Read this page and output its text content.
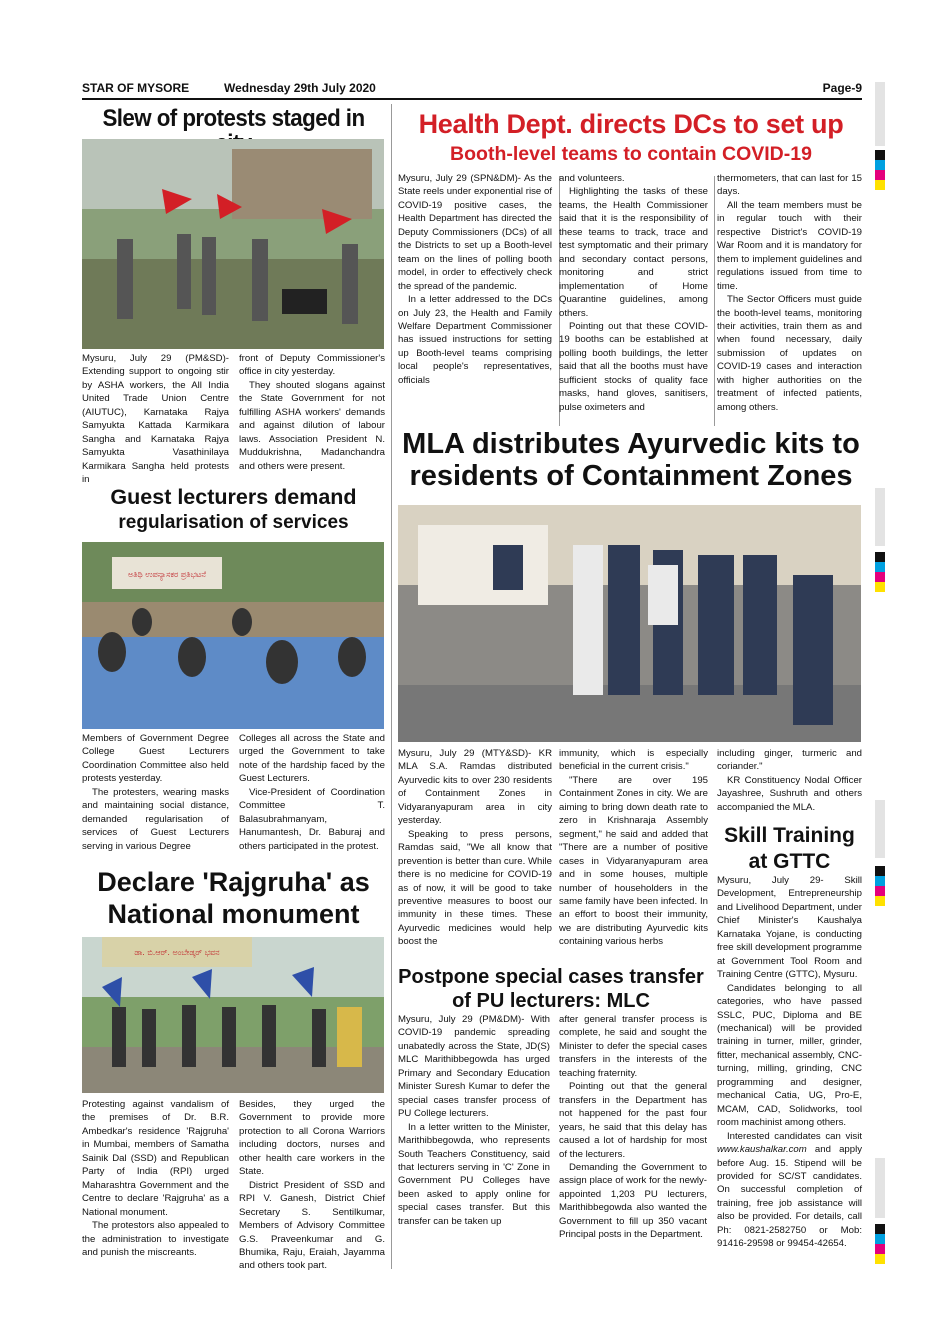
STAR OF MYSORE	Wednesday 29th July 2020	Page-9
Slew of protests staged in

Mysuru, July 29 (PM&SD)- Extending support to ongoing stir by ASHA workers, the All India United Trade Union Centre (AIUTUC), Karnataka Rajya Samyukta Kattada Karmikara Sangha and Karnataka Rajya Samyukta Vasathinilaya Karmikara Sangha held protests in

front of Deputy Commissioner's office in city yesterday.

They shouted slogans against the State Government for not fulfilling ASHA workers' demands and against dilution of labour laws. Association President N. Muddukrishna, Madanchandra and others were present.

Health Dept. directs DCs to set up
Booth-level teams to contain COVID-19

Mysuru, July 29 (SPN&DM)- As the State reels under exponential rise of COVID-19 positive cases, the Health Department has directed the Deputy Commissioners (DCs) of all the Districts to set up a Booth-level team on the lines of polling booth model, in order to effectively check the spread of the pandemic.

In a letter addressed to the DCs on July 23, the Health and Family Welfare Department Commissioner has issued instructions for setting up Booth-level teams comprising local people's representatives, officials

and volunteers.

Highlighting the tasks of these teams, the Health Commissioner said that it is the responsibility of these teams to track, trace and test symptomatic and their primary and secondary contact persons, monitoring and strict implementation of Home Quarantine guidelines, among others.

Pointing out that these COVID-19 booths can be established at polling booth buildings, the letter said that all the booths must have sufficient stocks of quality face masks, hand gloves, sanitisers, pulse oximeters and

thermometers, that can last for 15 days.

All the team members must be in regular touch with their respective District's COVID-19 War Room and it is mandatory for them to implement guidelines and regulations issued from time to time.

The Sector Officers must guide the booth-level teams, monitoring their activities, train them as and when found necessary, daily submission of updates on COVID-19 cases and interaction with higher authorities on the treatment of infected patients, among others.

Guest lecturers demand
regularisation of services
ಅತಿಥಿ ಉಪನ್ಯಾಸಕರ ಪ್ರತಿಭಟನೆ

Members of Government Degree College Guest Lecturers Coordination Committee also held protests yesterday.

The protesters, wearing masks and maintaining social distance, demanded regularisation of services of Guest Lecturers serving in various Degree

Colleges all across the State and urged the Government to take note of the hardship faced by the Guest Lecturers.

Vice-President of Coordination Committee T. Balasubrahmanyam, Hanumantesh, Dr. Baburaj and others participated in the protest.

MLA distributes Ayurvedic kits to residents of Containment Zones

Mysuru, July 29 (MTY&SD)- KR MLA S.A. Ramdas distributed Ayurvedic kits to over 230 residents of Containment Zones in Vidyaranyapuram area in city yesterday.

Speaking to press persons, Ramdas said, "We all know that prevention is better than cure. While there is no medicine for COVID-19 as of now, it will be good to take preventive measures to boost our immunity in these times. These Ayurvedic medicines would help boost the

immunity, which is especially beneficial in the current crisis."

"There are over 195 Containment Zones in city. We are aiming to bring down death rate to zero in Krishnaraja Assembly segment," he said and added that "There are a number of positive cases in Vidyaranyapuram area and in some houses, multiple number of householders in the same family have been infected. In an effort to boost their immunity, we are distributing Ayurvedic kits containing various herbs

including ginger, turmeric and coriander."

KR Constituency Nodal Officer Jayashree, Sushruth and others accompanied the MLA.

Skill Training at GTTC

Mysuru, July 29- Skill Development, Entrepreneurship and Livelihood Department, under Chief Minister's Kaushalya Karnataka Yojane, is conducting free skill development programme at Government Tool Room and Training Centre (GTTC), Mysuru.

Candidates belonging to all categories, who have passed SSLC, PUC, Diploma and BE (mechanical) will be provided training in turner, miller, grinder, fitter, mechanical assembly, CNC-turning, milling, grinding, CNC programming and designer, mechanical Catia, UG, Pro-E, MCAM, CAD, Solidworks, tool room machinist among others.

Interested candidates can visit www.kaushalkar.com and apply before Aug. 15. Stipend will be provided for SC/ST candidates. On successful completion of training, free job assistance will also be provided. For details, call Ph: 0821-2582750 or Mob: 91416-29598 or 99454-42654.

Declare 'Rajgruha' as National monument
ಡಾ. ಬಿ.ಆರ್. ಅಂಬೇಡ್ಕರ್ ಭವನ

Protesting against vandalism of the premises of Dr. B.R. Ambedkar's residence 'Rajgruha' in Mumbai, members of Samatha Sainik Dal (SSD) and Republican Party of India (RPI) urged Maharashtra Government and the Centre to declare 'Rajgruha' as a National monument.

The protestors also appealed to the administration to investigate and punish the miscreants.

Besides, they urged the Government to provide more protection to all Corona Warriors including doctors, nurses and other health care workers in the State.

District President of SSD and RPI V. Ganesh, District Chief Secretary S. Sentilkumar, Members of Advisory Committee G.S. Praveenkumar and G. Bhumika, Raju, Eraiah, Jayamma and others took part.

Postpone special cases transfer of PU lecturers: MLC

Mysuru, July 29 (PM&DM)- With COVID-19 pandemic spreading unabatedly across the State, JD(S) MLC Marithibbegowda has urged Primary and Secondary Education Minister Suresh Kumar to defer the special cases transfer process of PU College lecturers.

In a letter written to the Minister, Marithibbegowda, who represents South Teachers Constituency, said that lecturers serving in 'C' Zone in Government PU Colleges have been asked to apply online for special cases transfer. But this transfer can be taken up

after general transfer process is complete, he said and sought the Minister to defer the special cases transfers in the interests of the teaching fraternity.

Pointing out that the general transfers in the Department has not happened for the past four years, he said that this delay has caused a lot of hardship for most of the lecturers.

Demanding the Government to assign place of work for the newly-appointed 1,203 PU lecturers, Marithibbegowda also wanted the Government to fill up 350 vacant Principal posts in the Department.
